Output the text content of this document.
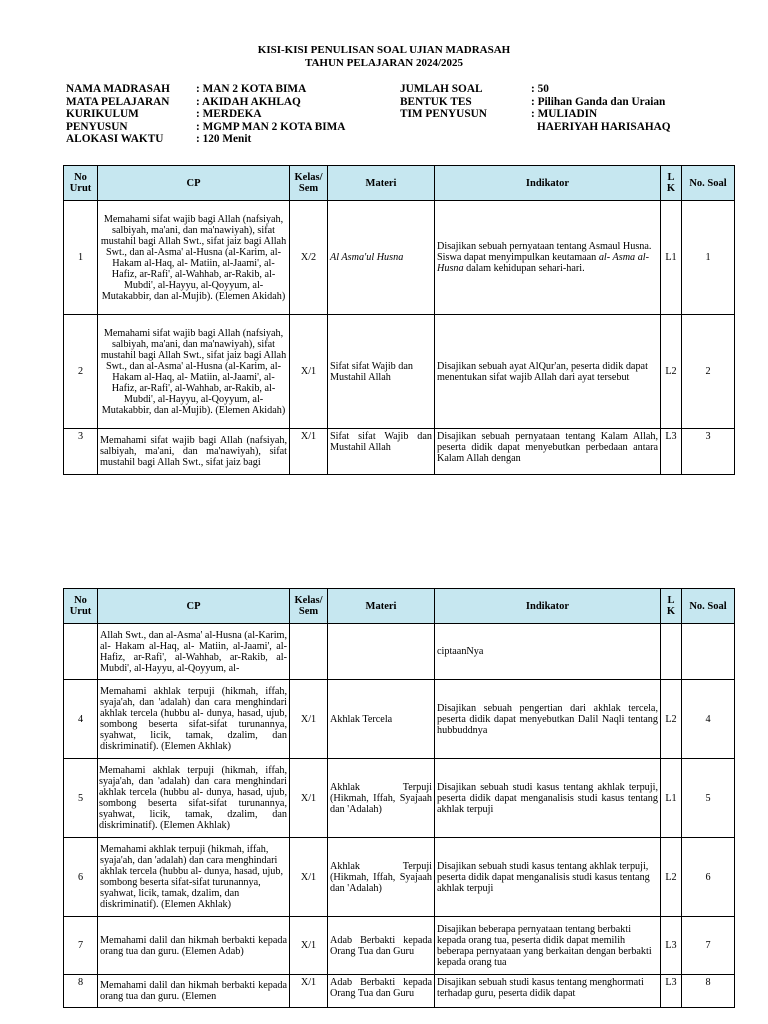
KISI-KISI PENULISAN SOAL UJIAN MADRASAH
TAHUN PELAJARAN 2024/2025
NAMA MADRASAH : MAN 2 KOTA BIMA
MATA PELAJARAN : AKIDAH AKHLAQ
KURIKULUM	: MERDEKA
PENYUSUN	: MGMP MAN 2 KOTA BIMA
ALOKASI WAKTU	: 120 Menit
JUMLAH SOAL	: 50
BENTUK TES	: Pilihan Ganda dan Uraian
TIM PENYUSUN	: MULIADIN
HAERIYAH HARISAHAQ
No Urut	CP	Kelas/ Sem	Materi	Indikator	L K	No. Soal
1	Memahami sifat wajib bagi Allah (nafsiyah, salbiyah, ma'ani, dan ma'nawiyah), sifat mustahil bagi Allah Swt., sifat jaiz bagi Allah Swt., dan al-Asma' al-Husna (al-Karim, al- Hakam al-Haq, al- Matiin, al-Jaami', al-Hafiz, ar-Rafi', al-Wahhab, ar-Rakib, al-Mubdi', al-Hayyu, al-Qoyyum, al- Mutakabbir, dan al-Mujib). (Elemen Akidah)	X/2	Al Asma'ul Husna	Disajikan sebuah pernyataan tentang Asmaul Husna. Siswa dapat menyimpulkan keutamaan al- Asma al-Husna dalam kehidupan sehari-hari.	L1	1
2	Memahami sifat wajib bagi Allah (nafsiyah, salbiyah, ma'ani, dan ma'nawiyah), sifat mustahil bagi Allah Swt., sifat jaiz bagi Allah Swt., dan al-Asma' al-Husna (al-Karim, al- Hakam al-Haq, al- Matiin, al-Jaami', al-Hafiz, ar-Rafi', al-Wahhab, ar-Rakib, al-Mubdi', al-Hayyu, al-Qoyyum, al- Mutakabbir, dan al-Mujib). (Elemen Akidah)	X/1	Sifat sifat Wajib dan Mustahil Allah	Disajikan sebuah ayat AlQur'an, peserta didik dapat menentukan sifat wajib Allah dari ayat tersebut	L2	2
3	Memahami sifat wajib bagi Allah (nafsiyah, salbiyah, ma'ani, dan ma'nawiyah), sifat mustahil bagi Allah Swt., sifat jaiz bagi	X/1	Sifat sifat Wajib dan Mustahil Allah	Disajikan sebuah pernyataan tentang Kalam Allah, peserta didik dapat menyebutkan perbedaan antara Kalam Allah dengan	L3	3
No Urut	CP	Kelas/ Sem	Materi	Indikator	L K	No. Soal
	Allah Swt., dan al-Asma' al-Husna (al-Karim, al- Hakam al-Haq, al- Matiin, al-Jaami', al-Hafiz, ar-Rafi', al-Wahhab, ar-Rakib, al-Mubdi', al-Hayyu, al-Qoyyum, al-			ciptaanNya		
4	Memahami akhlak terpuji (hikmah, iffah, syaja'ah, dan 'adalah) dan cara menghindari akhlak tercela (hubbu al- dunya, hasad, ujub, sombong beserta sifat-sifat turunannya, syahwat, licik, tamak, dzalim, dan diskriminatif). (Elemen Akhlak)	X/1	Akhlak Tercela	Disajikan sebuah pengertian dari akhlak tercela, peserta didik dapat menyebutkan Dalil Naqli tentang hubbuddnya	L2	4
5	Memahami akhlak terpuji (hikmah, iffah, syaja'ah, dan 'adalah) dan cara menghindari akhlak tercela (hubbu al- dunya, hasad, ujub, sombong beserta sifat-sifat turunannya, syahwat, licik, tamak, dzalim, dan diskriminatif). (Elemen Akhlak)	X/1	Akhlak Terpuji (Hikmah, Iffah, Syajaah dan 'Adalah)	Disajikan sebuah studi kasus tentang akhlak terpuji, peserta didik dapat menganalisis studi kasus tentang akhlak terpuji	L1	5
6	Memahami akhlak terpuji (hikmah, iffah, syaja'ah, dan 'adalah) dan cara menghindari akhlak tercela (hubbu al- dunya, hasad, ujub, sombong beserta sifat-sifat turunannya, syahwat, licik, tamak, dzalim, dan diskriminatif). (Elemen Akhlak)	X/1	Akhlak Terpuji (Hikmah, Iffah, Syajaah dan 'Adalah)	Disajikan sebuah studi kasus tentang akhlak terpuji, peserta didik dapat menganalisis studi kasus tentang akhlak terpuji	L2	6
7	Memahami dalil dan hikmah berbakti kepada orang tua dan guru. (Elemen Adab)	X/1	Adab Berbakti kepada Orang Tua dan Guru	Disajikan beberapa pernyataan tentang berbakti kepada orang tua, peserta didik dapat memilih beberapa pernyataan yang berkaitan dengan berbakti kepada orang tua	L3	7
8	Memahami dalil dan hikmah berbakti kepada orang tua dan guru. (Elemen	X/1	Adab Berbakti kepada Orang Tua dan Guru	Disajikan sebuah studi kasus tentang menghormati terhadap guru, peserta didik dapat	L3	8
